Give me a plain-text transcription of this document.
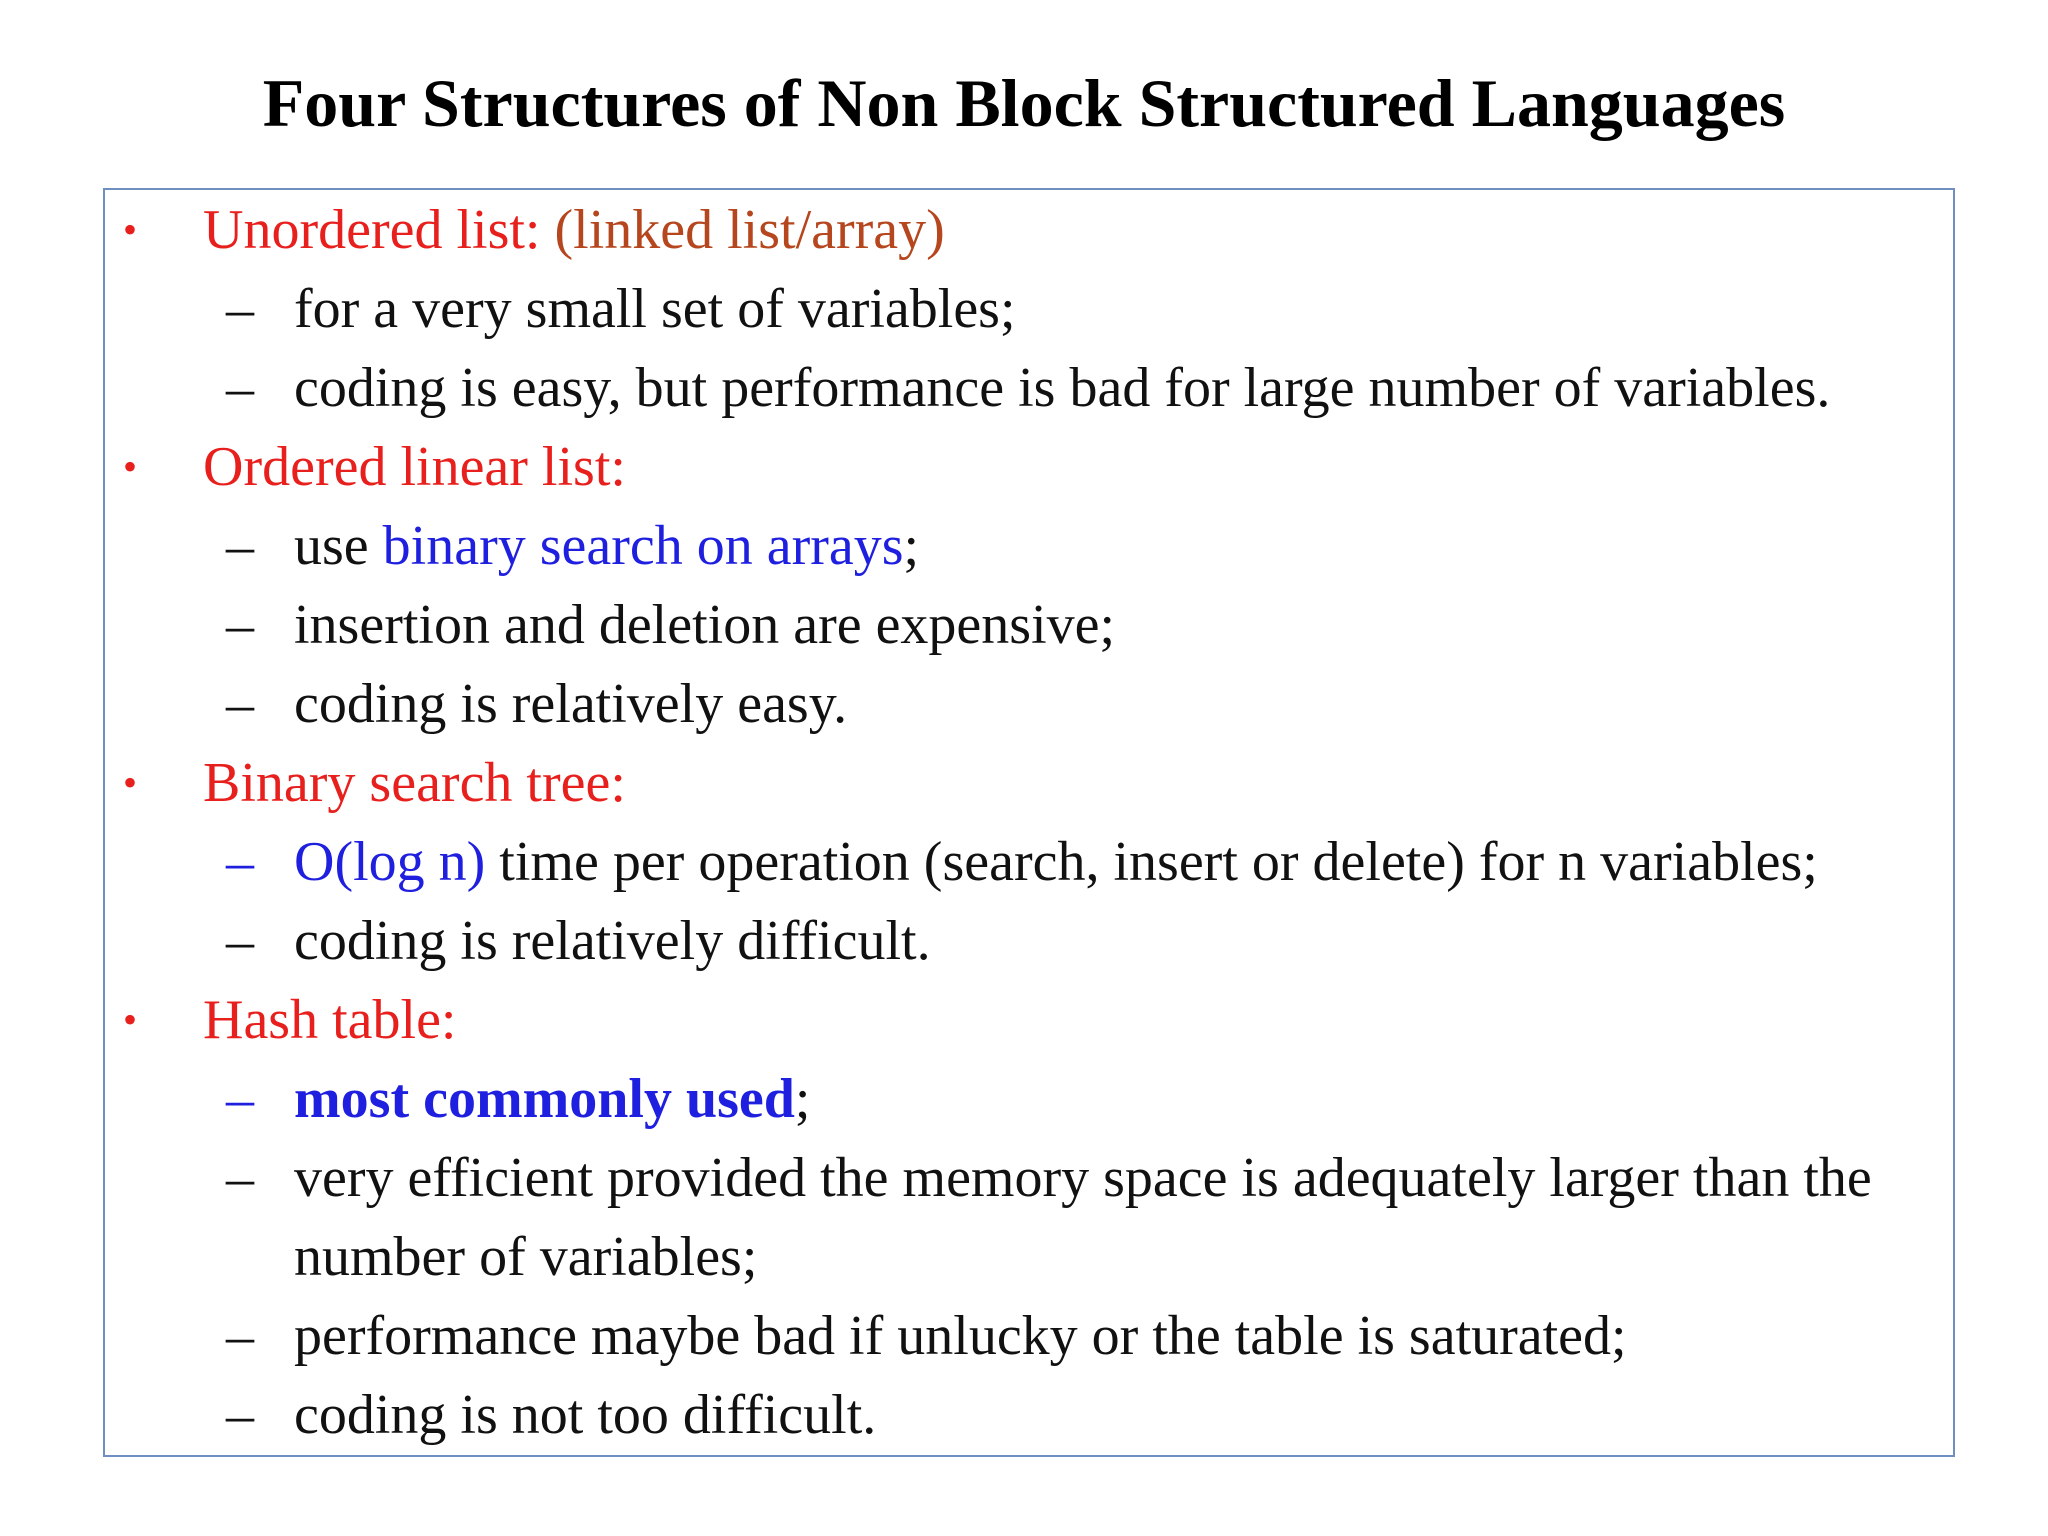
Four Structures of Non Block Structured Languages
• Unordered list: (linked list/array)
– for a very small set of variables;
– coding is easy, but performance is bad for large number of variables.
• Ordered linear list:
– use binary search on arrays;
– insertion and deletion are expensive;
– coding is relatively easy.
• Binary search tree:
– O(log n) time per operation (search, insert or delete) for n variables;
– coding is relatively difficult.
• Hash table:
– most commonly used;
– very efficient provided the memory space is adequately larger than the
number of variables;
– performance maybe bad if unlucky or the table is saturated;
– coding is not too difficult.
